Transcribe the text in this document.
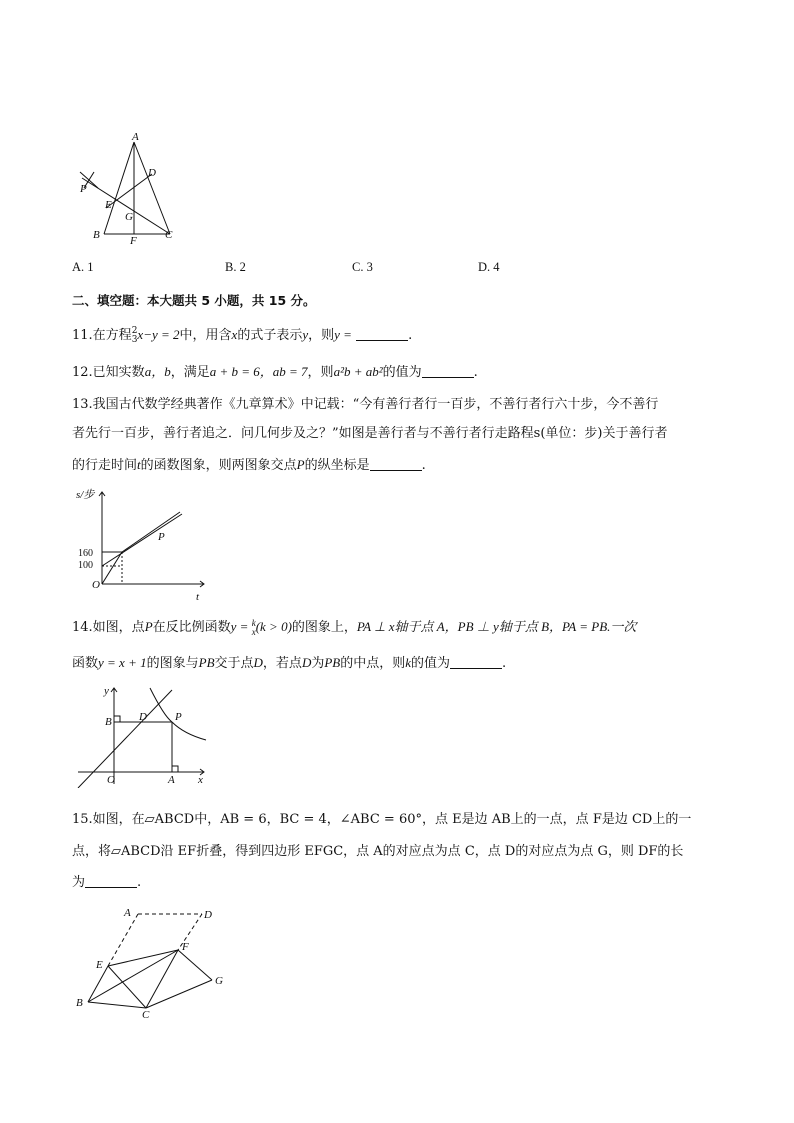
A
D
P
E
G
B	F	C
A. 1	B. 2	C. 3	D. 4
二、填空题：本大题共 5 小题，共 15 分。
11.在方程 2
3 x−y = 2中，用含x的式子表示y，则y =	.
12.已知实数a，b，满足a + b = 6，ab = 7，则a²b + ab²的值为	.
13.我国古代数学经典著作《九章算术》中记载：“今有善行者行一百步，不善行者行六十步，今不善行
者先行一百步，善行者追之．问几何步及之？”如图是善行者与不善行者行走路程s(单位：步)关于善行者
的行走时间t的函数图象，则两图象交点P的纵坐标是	.
s/步
160
100
O
P
t
14.如图，点P在反比例函数y = k
x (k > 0)的图象上，PA ⊥ x轴于点 A，PB ⊥ y轴于点 B，PA = PB.一次
函数y = x + 1的图象与PB交于点D，若点D为PB的中点，则k的值为	.
y
B D	P
O	A x
15.如图，在▱ABCD中，AB = 6，BC = 4，∠ABC = 60°，点 E是边 AB上的一点，点 F是边 CD上的一
点，将▱ABCD沿 EF折叠，得到四边形 EFGC，点 A的对应点为点 C，点 D的对应点为点 G，则 DF的长
为	.
A	D
E
F
B
C
G
